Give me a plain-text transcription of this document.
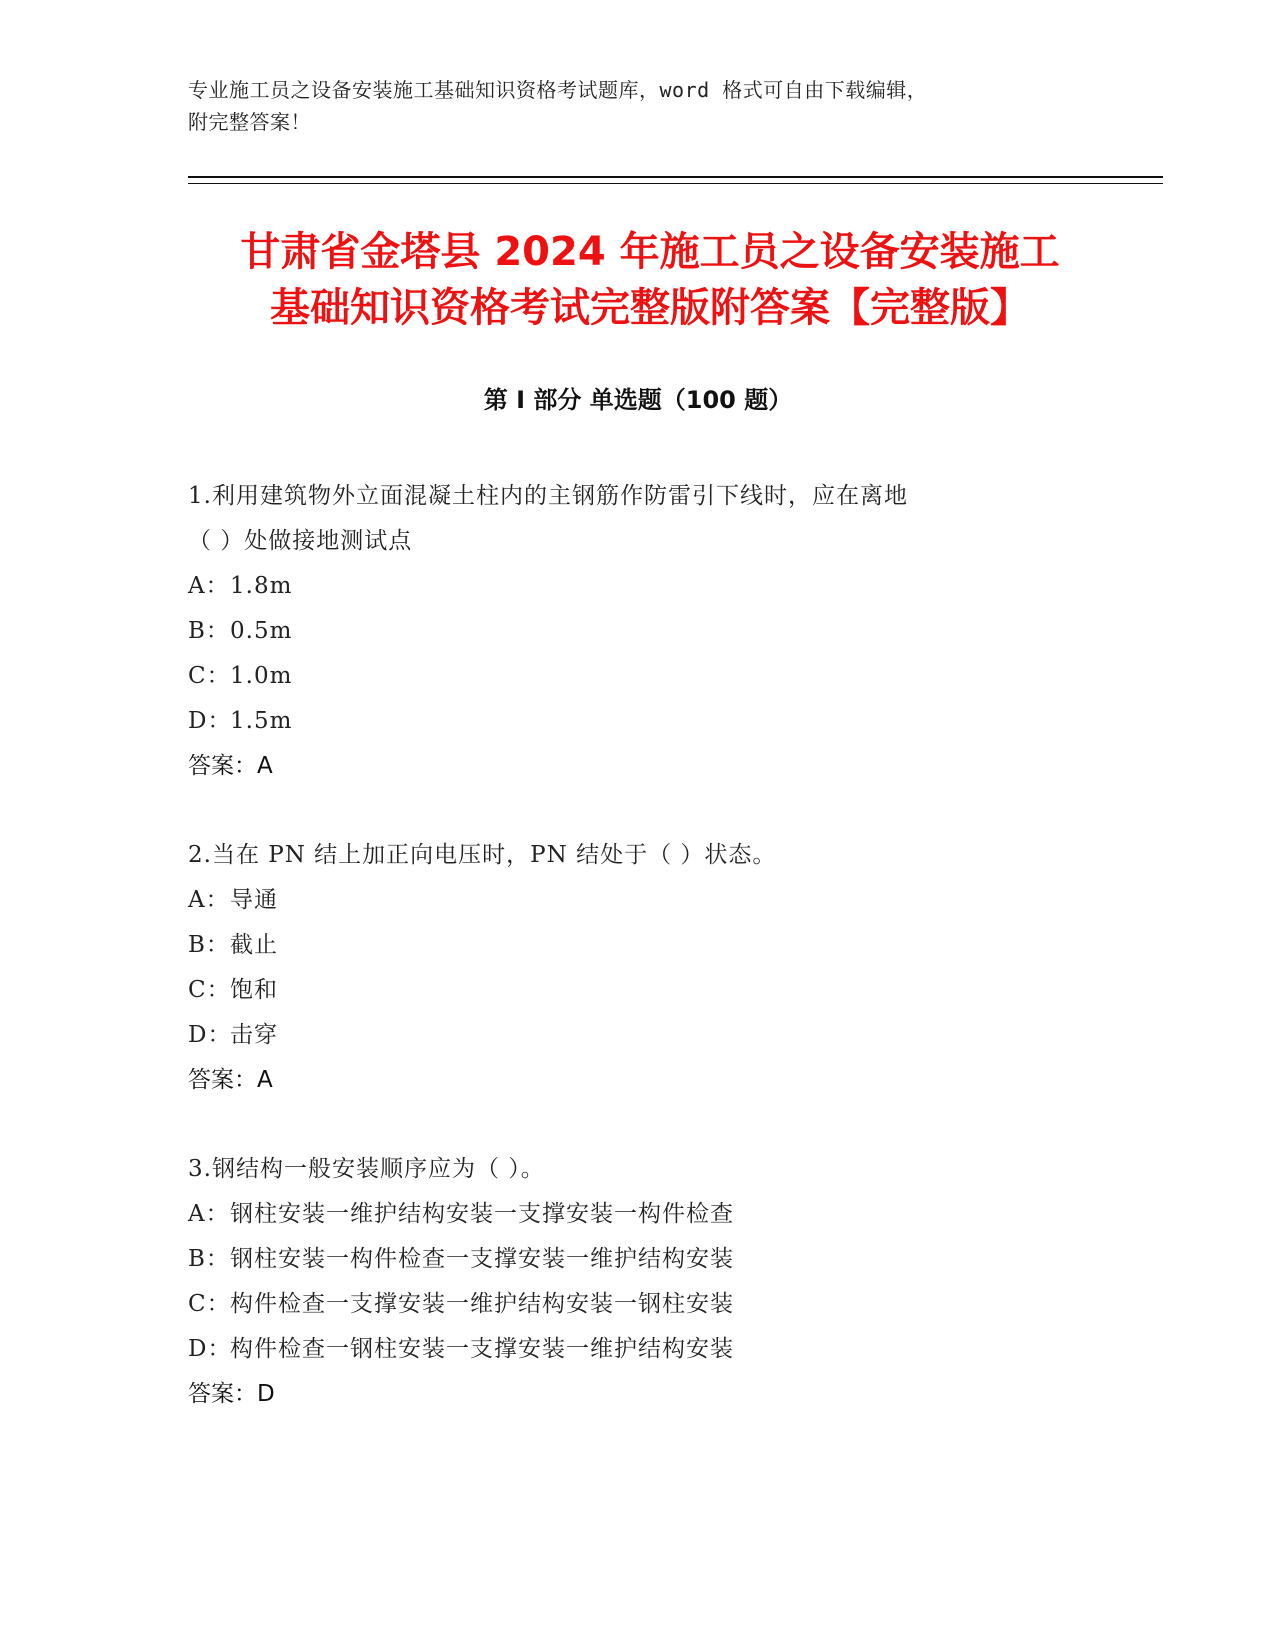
专业施工员之设备安装施工基础知识资格考试题库，word 格式可自由下载编辑，
附完整答案！
甘肃省金塔县 2024 年施工员之设备安装施工
基础知识资格考试完整版附答案【完整版】
第 I 部分 单选题（100 题）
1.利用建筑物外立面混凝土柱内的主钢筋作防雷引下线时，应在离地
（ ）处做接地测试点
A：1.8m
B：0.5m
C：1.0m
D：1.5m
答案：A
2.当在 PN 结上加正向电压时，PN 结处于（ ）状态。
A：导通
B：截止
C：饱和
D：击穿
答案：A
3.钢结构一般安装顺序应为（ ）。
A：钢柱安装一维护结构安装一支撑安装一构件检查
B：钢柱安装一构件检查一支撑安装一维护结构安装
C：构件检查一支撑安装一维护结构安装一钢柱安装
D：构件检查一钢柱安装一支撑安装一维护结构安装
答案：D
